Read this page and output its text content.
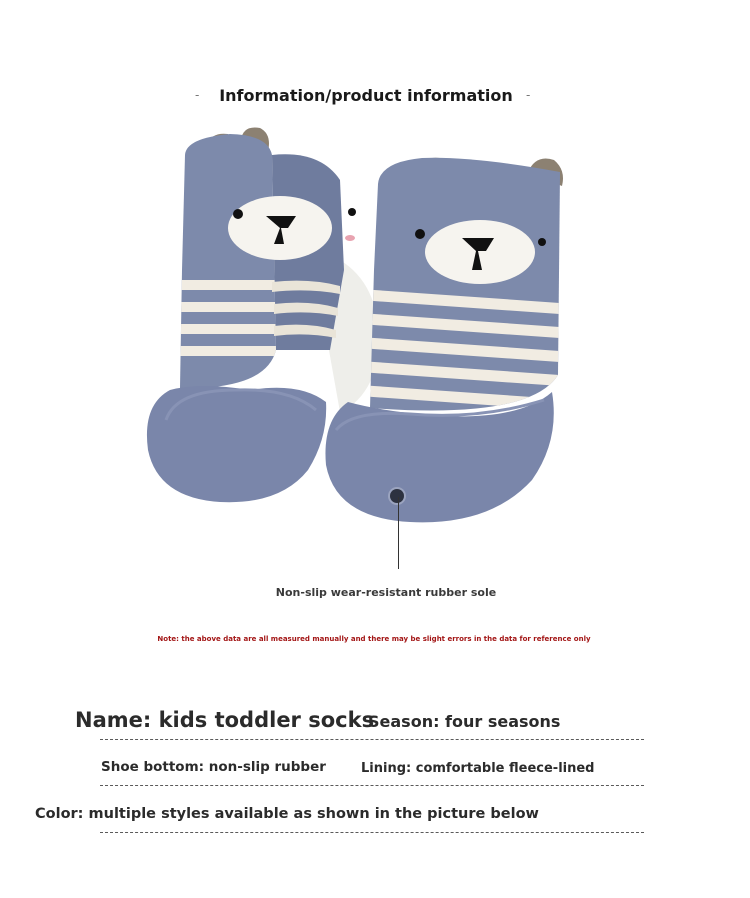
-	Information/product information	-
Non-slip wear-resistant rubber sole
Note: the above data are all measured manually and there may be slight errors in the data for reference only
Name: kids toddler socks
Season: four seasons
Shoe bottom: non-slip rubber	Lining: comfortable fleece-lined
Color: multiple styles available as shown in the picture below
